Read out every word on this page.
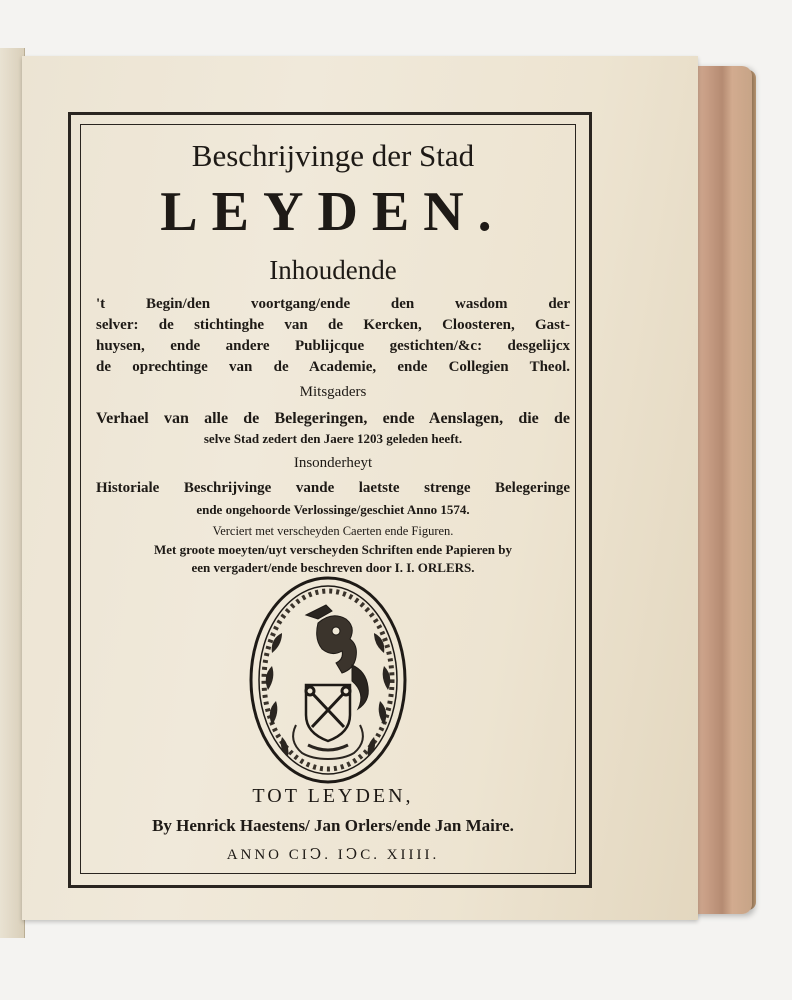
Beschrijvinge der Stad
LEYDEN.
Inhoudende
't Begin/den voortgang/ende den wasdom der
selver: de stichtinghe van de Kercken, Cloosteren, Gast-
huysen, ende andere Publijcque gestichten/&c: desgelijcx
de oprechtinge van de Academie, ende Collegien Theol.
Mitsgaders
Verhael van alle de Belegeringen, ende Aenslagen, die de
selve Stad zedert den Jaere 1203 geleden heeft.
Insonderheyt
Historiale Beschrijvinge vande laetste strenge Belegeringe
ende ongehoorde Verlossinge/geschiet Anno 1574.
Verciert met verscheyden Caerten ende Figuren.
Met groote moeyten/uyt verscheyden Schriften ende Papieren by
een vergadert/ende beschreven door I. I. ORLERS.
TOT LEYDEN,
By Henrick Haestens/ Jan Orlers/ende Jan Maire.
ANNO CIↃ. IↃC. XIIII.
